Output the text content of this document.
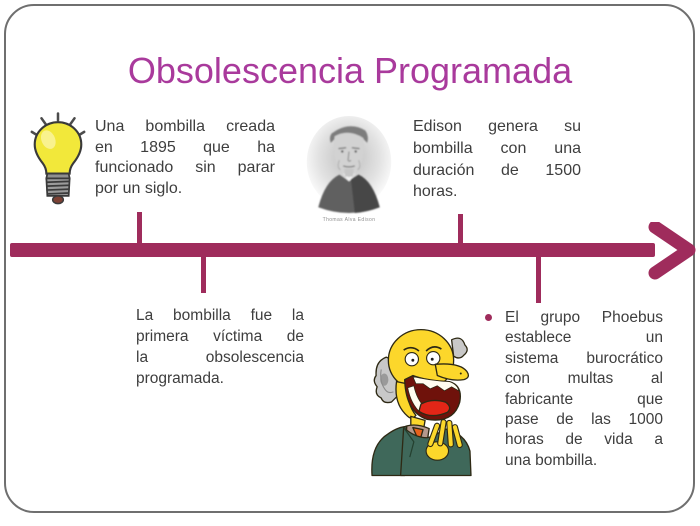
Obsolescencia Programada
Una bombilla creada
en 1895 que ha
funcionado sin parar
por un siglo.
Thomas Alva Edison
Edison genera su
bombilla con una
duración de 1500
horas.
La bombilla fue la
primera víctima de
la obsolescencia
programada.
El grupo Phoebus
establece un
sistema burocrático
con multas al
fabricante que
pase de las 1000
horas de vida a
una bombilla.
